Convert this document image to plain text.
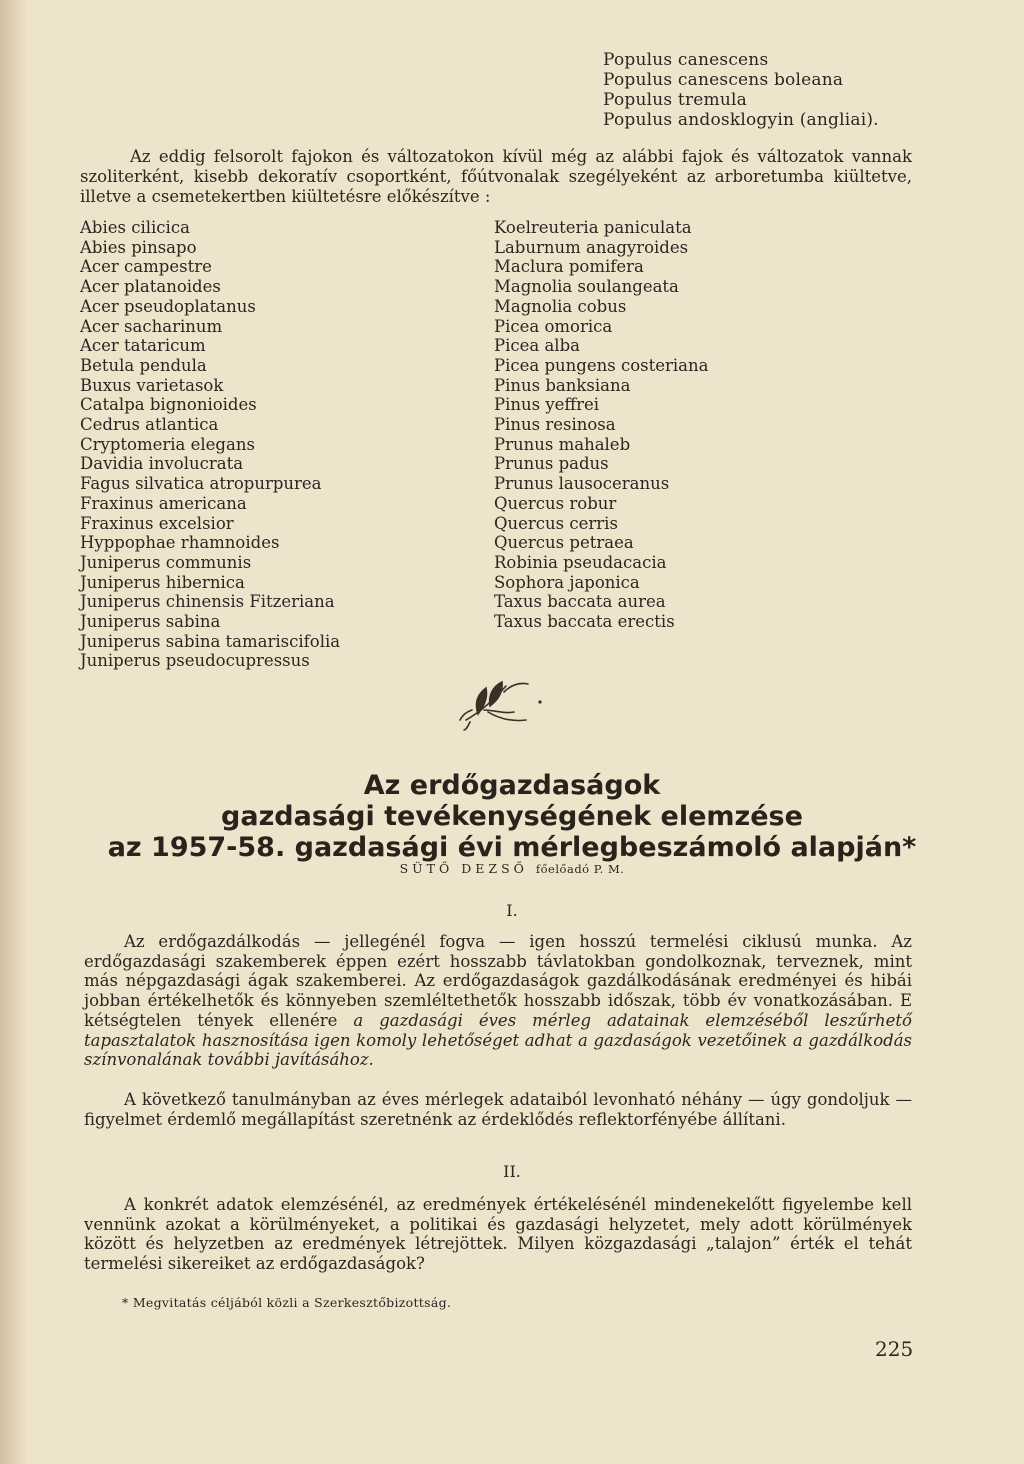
Populus canescens
Populus canescens boleana
Populus tremula
Populus andosklogyin (angliai).

Az eddig felsorolt fajokon és változatokon kívül még az alábbi fajok és változatok vannak szoliterként, kisebb dekoratív csoportként, főútvonalak szegélyeként az arboretumba kiültetve, illetve a csemetekertben kiültetésre előkészítve :

Abies cilicica
Abies pinsapo
Acer campestre
Acer platanoides
Acer pseudoplatanus
Acer sacharinum
Acer tataricum
Betula pendula
Buxus varietasok
Catalpa bignonioides
Cedrus atlantica
Cryptomeria elegans
Davidia involucrata
Fagus silvatica atropurpurea
Fraxinus americana
Fraxinus excelsior
Hyppophae rhamnoides
Juniperus communis
Juniperus hibernica
Juniperus chinensis Fitzeriana
Juniperus sabina
Juniperus sabina tamariscifolia
Juniperus pseudocupressus
Koelreuteria paniculata
Laburnum anagyroides
Maclura pomifera
Magnolia soulangeata
Magnolia cobus
Picea omorica
Picea alba
Picea pungens costeriana
Pinus banksiana
Pinus yeffrei
Pinus resinosa
Prunus mahaleb
Prunus padus
Prunus lausoceranus
Quercus robur
Quercus cerris
Quercus petraea
Robinia pseudacacia
Sophora japonica
Taxus baccata aurea
Taxus baccata erectis
Az erdőgazdaságok
gazdasági tevékenységének elemzése
az 1957-58. gazdasági évi mérlegbeszámoló alapján*
SÜTŐ DEZSŐ főelőadó P. M.
I.

Az erdőgazdálkodás — jellegénél fogva — igen hosszú termelési ciklusú munka. Az erdőgazdasági szakemberek éppen ezért hosszabb távlatokban gondolkoznak, terveznek, mint más népgazdasági ágak szakemberei. Az erdőgazdaságok gazdálkodásának eredményei és hibái jobban értékelhetők és könnyeben szemléltethetők hosszabb időszak, több év vonatkozásában. E kétségtelen tények ellenére a gazdasági éves mérleg adatainak elemzéséből leszűrhető tapasztalatok hasznosítása igen komoly lehetőséget adhat a gazdaságok vezetőinek a gazdálkodás színvonalának további javításához.

A következő tanulmányban az éves mérlegek adataiból levonható néhány — úgy gondoljuk — figyelmet érdemlő megállapítást szeretnénk az érdeklődés reflektorfényébe állítani.

II.

A konkrét adatok elemzésénél, az eredmények értékelésénél mindenekelőtt figyelembe kell vennünk azokat a körülményeket, a politikai és gazdasági helyzetet, mely adott körülmények között és helyzetben az eredmények létrejöttek. Milyen közgazdasági „talajon” érték el tehát termelési sikereiket az erdőgazdaságok?

* Megvitatás céljából közli a Szerkesztőbizottság.
225
